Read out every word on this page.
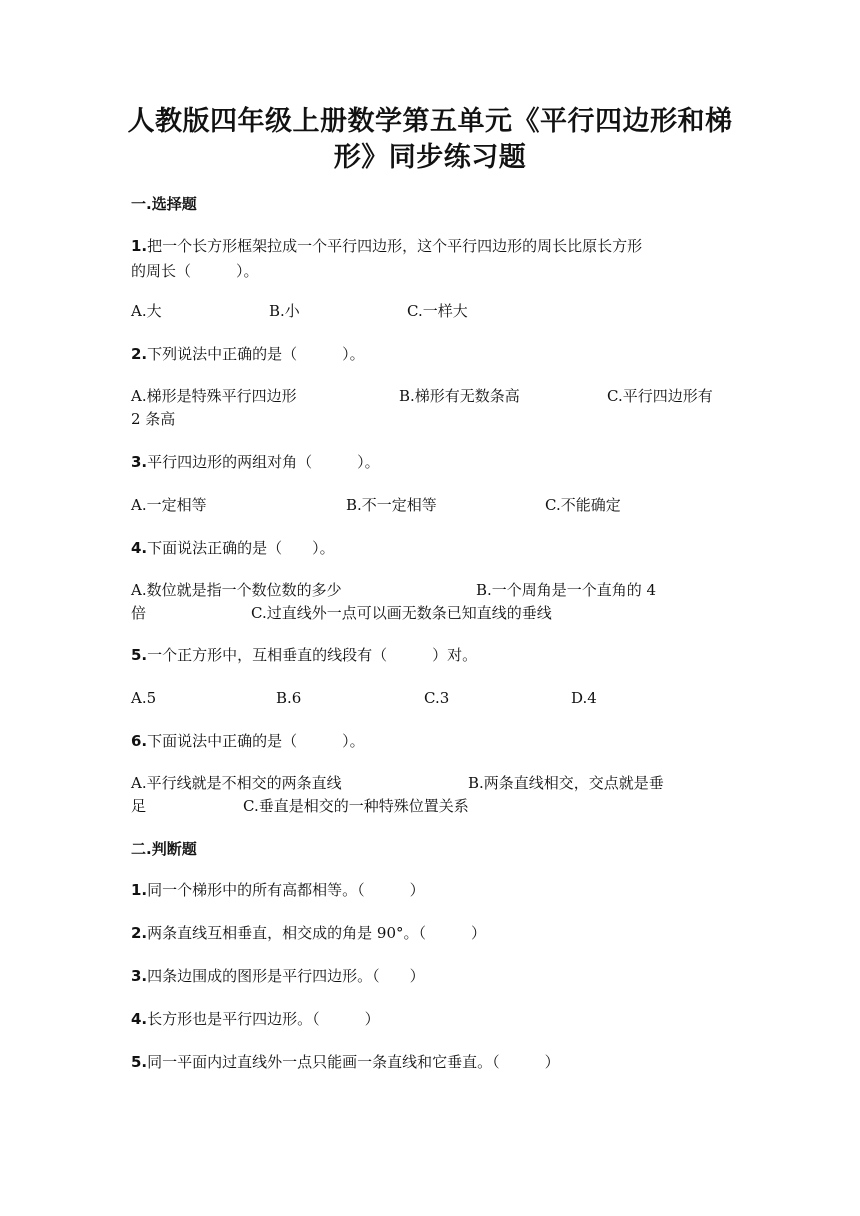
人教版四年级上册数学第五单元《平行四边形和梯
形》同步练习题
一.选择题
1.把一个长方形框架拉成一个平行四边形，这个平行四边形的周长比原长方形
的周长（　　　）。
A.大	B.小	C.一样大
2.下列说法中正确的是（　　　）。
A.梯形是特殊平行四边形	B.梯形有无数条高	C.平行四边形有
2 条高
3.平行四边形的两组对角（　　　）。
A.一定相等	B.不一定相等	C.不能确定
4.下面说法正确的是（　　）。
A.数位就是指一个数位数的多少	B.一个周角是一个直角的 4
倍	C.过直线外一点可以画无数条已知直线的垂线
5.一个正方形中，互相垂直的线段有（　　　）对。
A.5	B.6	C.3	D.4
6.下面说法中正确的是（　　　）。
A.平行线就是不相交的两条直线	B.两条直线相交，交点就是垂
足	C.垂直是相交的一种特殊位置关系
二.判断题
1.同一个梯形中的所有高都相等。（　　　）
2.两条直线互相垂直，相交成的角是 90°。（　　　）
3.四条边围成的图形是平行四边形。（　　）
4.长方形也是平行四边形。（　　　）
5.同一平面内过直线外一点只能画一条直线和它垂直。（　　　）
